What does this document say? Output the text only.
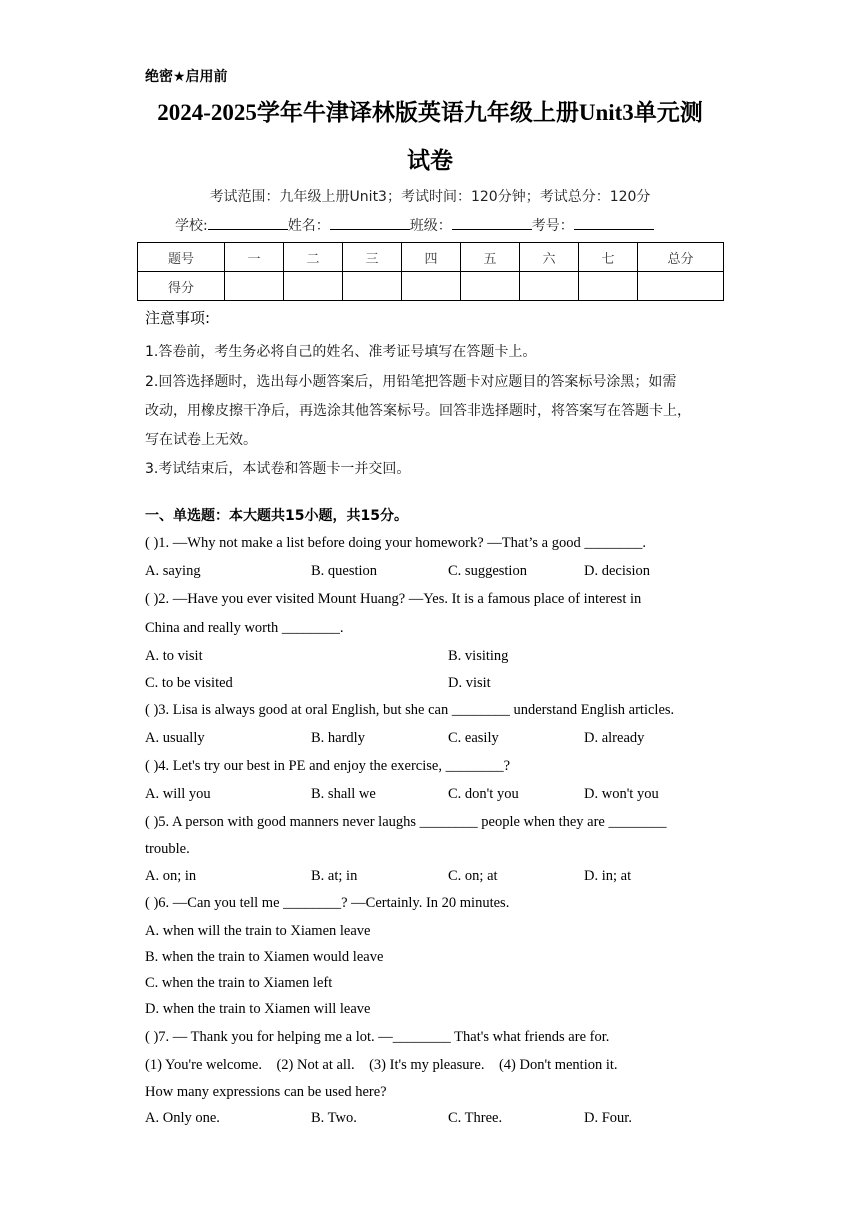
绝密★启用前
2024-2025学年牛津译林版英语九年级上册Unit3单元测
试卷
考试范围：九年级上册Unit3；考试时间：120分钟；考试总分：120分
学校:	姓名：	班级：	考号：
题号	一	二	三	四	五	六	七	总分
得分								
注意事项:
1.答卷前，考生务必将自己的姓名、准考证号填写在答题卡上。
2.回答选择题时，选出每小题答案后，用铅笔把答题卡对应题目的答案标号涂黑；如需
改动，用橡皮擦干净后，再选涂其他答案标号。回答非选择题时，将答案写在答题卡上，
写在试卷上无效。
3.考试结束后，本试卷和答题卡一并交回。
一、单选题：本大题共15小题，共15分。
( )1. —Why not make a list before doing your homework? —That’s a good ________.
A. saying	B. question	C. suggestion	D. decision
( )2. —Have you ever visited Mount Huang? —Yes. It is a famous place of interest in
China and really worth ________.
A. to visit	B. visiting
C. to be visited	D. visit
( )3. Lisa is always good at oral English, but she can ________ understand English articles.
A. usually	B. hardly	C. easily	D. already
( )4. Let's try our best in PE and enjoy the exercise, ________?
A. will you	B. shall we	C. don't you	D. won't you
( )5. A person with good manners never laughs ________ people when they are ________
trouble.
A. on; in	B. at; in	C. on; at	D. in; at
( )6. —Can you tell me ________? —Certainly. In 20 minutes.
A. when will the train to Xiamen leave
B. when the train to Xiamen would leave
C. when the train to Xiamen left
D. when the train to Xiamen will leave
( )7. — Thank you for helping me a lot. —________ That's what friends are for.
(1) You're welcome.    (2) Not at all.    (3) It's my pleasure.    (4) Don't mention it.
How many expressions can be used here?
A. Only one.	B. Two.	C. Three.	D. Four.
